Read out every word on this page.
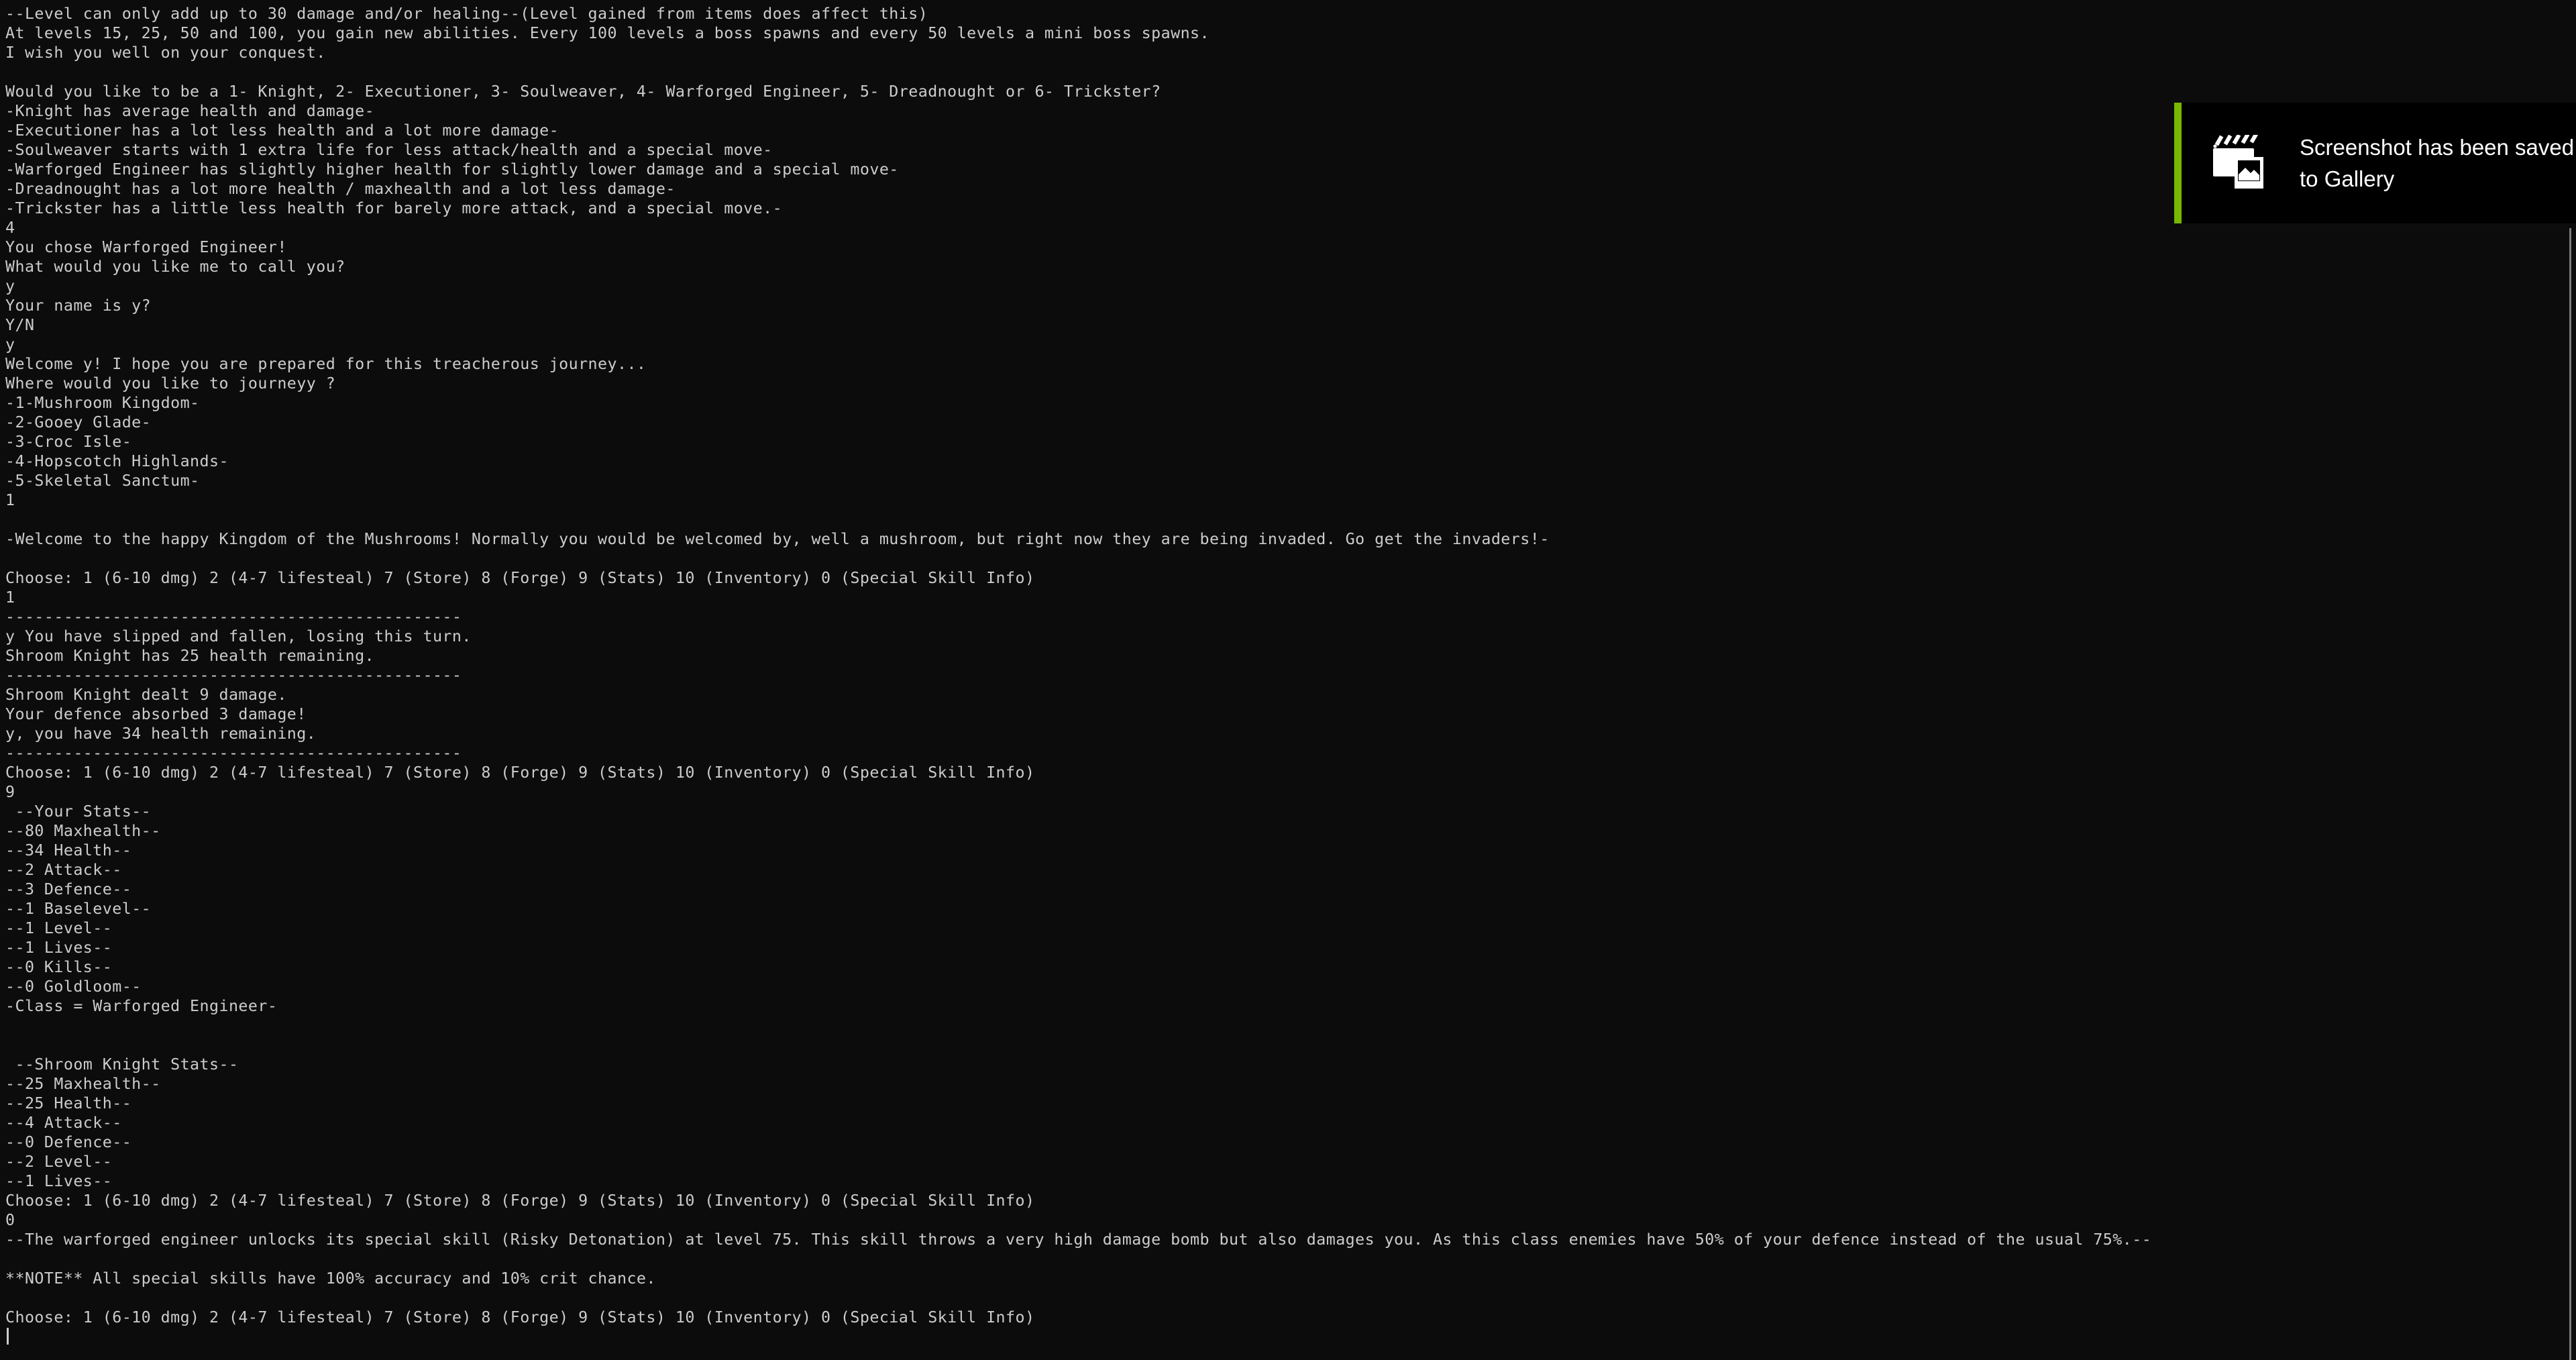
--Level can only add up to 30 damage and/or healing--(Level gained from items does affect this)
At levels 15, 25, 50 and 100, you gain new abilities. Every 100 levels a boss spawns and every 50 levels a mini boss spawns.
I wish you well on your conquest.
Would you like to be a 1- Knight, 2- Executioner, 3- Soulweaver, 4- Warforged Engineer, 5- Dreadnought or 6- Trickster?
-Knight has average health and damage-
-Executioner has a lot less health and a lot more damage-
-Soulweaver starts with 1 extra life for less attack/health and a special move-
-Warforged Engineer has slightly higher health for slightly lower damage and a special move-
-Dreadnought has a lot more health / maxhealth and a lot less damage-
-Trickster has a little less health for barely more attack, and a special move.-
4
You chose Warforged Engineer!
What would you like me to call you?
y
Your name is y?
Y/N
y
Welcome y! I hope you are prepared for this treacherous journey...
Where would you like to journeyy ?
-1-Mushroom Kingdom-
-2-Gooey Glade-
-3-Croc Isle-
-4-Hopscotch Highlands-
-5-Skeletal Sanctum-
1
-Welcome to the happy Kingdom of the Mushrooms! Normally you would be welcomed by, well a mushroom, but right now they are being invaded. Go get the invaders!-
Choose: 1 (6-10 dmg) 2 (4-7 lifesteal) 7 (Store) 8 (Forge) 9 (Stats) 10 (Inventory) 0 (Special Skill Info)
1
-----------------------------------------------
y You have slipped and fallen, losing this turn.
Shroom Knight has 25 health remaining.
-----------------------------------------------
Shroom Knight dealt 9 damage.
Your defence absorbed 3 damage!
y, you have 34 health remaining.
-----------------------------------------------
Choose: 1 (6-10 dmg) 2 (4-7 lifesteal) 7 (Store) 8 (Forge) 9 (Stats) 10 (Inventory) 0 (Special Skill Info)
9
--Your Stats--
--80 Maxhealth--
--34 Health--
--2 Attack--
--3 Defence--
--1 Baselevel--
--1 Level--
--1 Lives--
--0 Kills--
--0 Goldloom--
-Class = Warforged Engineer-
--Shroom Knight Stats--
--25 Maxhealth--
--25 Health--
--4 Attack--
--0 Defence--
--2 Level--
--1 Lives--
Choose: 1 (6-10 dmg) 2 (4-7 lifesteal) 7 (Store) 8 (Forge) 9 (Stats) 10 (Inventory) 0 (Special Skill Info)
0
--The warforged engineer unlocks its special skill (Risky Detonation) at level 75. This skill throws a very high damage bomb but also damages you. As this class enemies have 50% of your defence instead of the usual 75%.--
**NOTE** All special skills have 100% accuracy and 10% crit chance.
Choose: 1 (6-10 dmg) 2 (4-7 lifesteal) 7 (Store) 8 (Forge) 9 (Stats) 10 (Inventory) 0 (Special Skill Info)
Screenshot has been saved to Gallery
